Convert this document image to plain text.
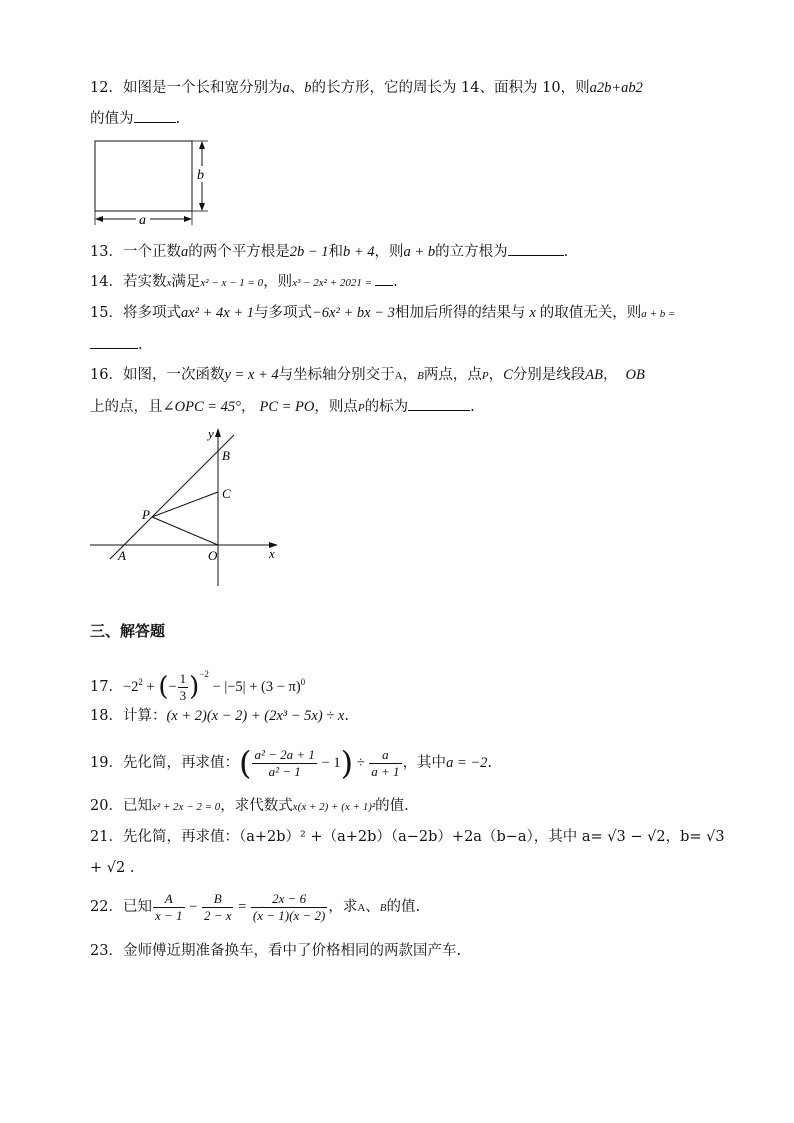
12．如图是一个长和宽分别为a、b的长方形，它的周长为 14、面积为 10，则a2b+ab2
的值为	.
b
a
13．一个正数a的两个平方根是2b − 1和b + 4，则a + b的立方根为	.
14．若实数x满足x² − x − 1 = 0，则x³ − 2x² + 2021 = .
15．将多项式ax² + 4x + 1与多项式−6x² + bx − 3相加后所得的结果与 x 的取值无关，则a + b =
.
16．如图，一次函数y = x + 4与坐标轴分别交于A，B两点，点P，C分别是线段AB， OB
上的点，且∠OPC = 45°， PC = PO，则点P的标为	.
y
x
B
C
P
A	O
三、解答题
17．$-2^2$ + (− $\frac{1}{3} )^{-2} - |-5| + (3 - \pi)^0$
18．计算：(x + 2)(x − 2) + (2x³ − 5x) ÷ x.
19．先化简，再求值：( $\frac{\text{a² − 2a + 1}}{\text{a² − 1}} - 1) \div \frac{a}{a + 1}$ ，其中a = −2.
20．已知x² + 2x − 2 = 0，求代数式x(x + 2) + (x + 1)²的值.
21．先化简，再求值：（a+2b）² +（a+2b）（a−2b）+2a（b−a），其中 a= √3 − √2，b= √3
+ √2 .
22．已知 $\frac{A}{x - 1} - \frac{B}{2 - x} = \frac{2x - 6}{(x - 1)(x - 2)}$ ，求A、B的值.
23．金师傅近期准备换车，看中了价格相同的两款国产车.
